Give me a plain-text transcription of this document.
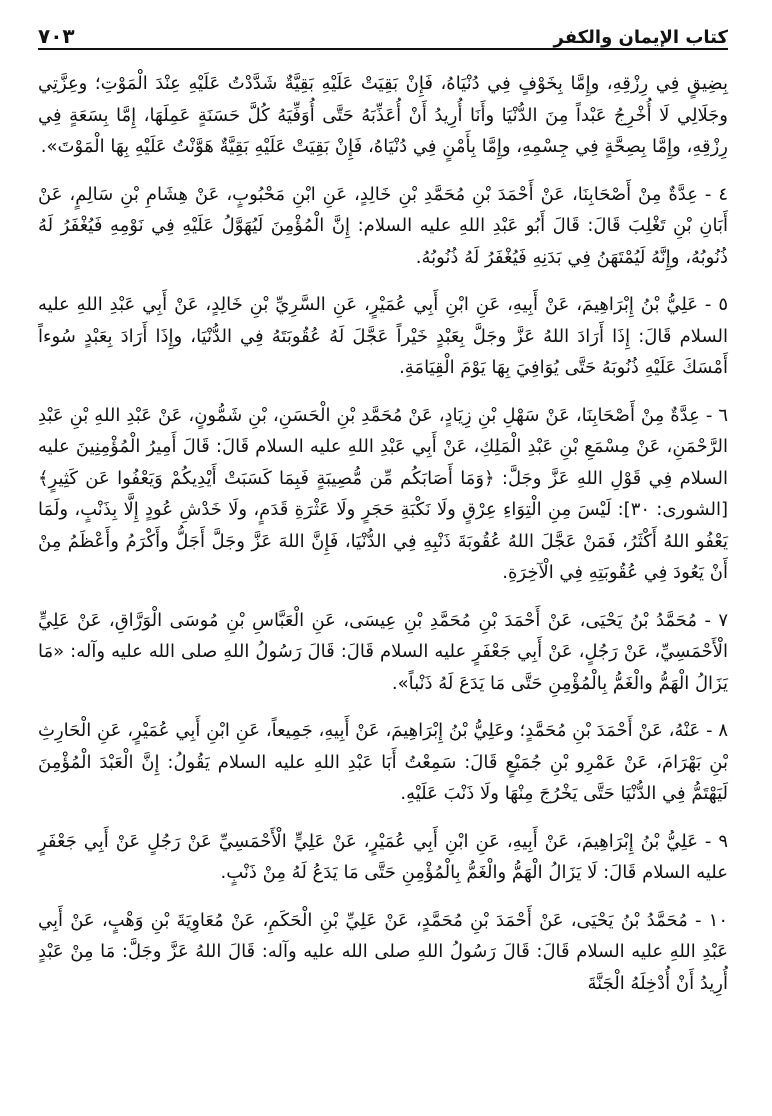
كتاب الإيمان والكفر
٧٠٣

بِضِيقٍ فِي رِزْقِهِ، وإِمَّا بِخَوْفٍ فِي دُنْيَاهُ، فَإِنْ بَقِيَتْ عَلَيْهِ بَقِيَّةٌ شَدَّدْتُ عَلَيْهِ عِنْدَ الْمَوْتِ؛ وعِزَّتِي وجَلَالِي لَا أُخْرِجُ عَبْداً مِنَ الدُّنْيَا وأَنَا أُرِيدُ أَنْ أُعَذِّبَهُ حَتَّى أُوَفِّيَهُ كُلَّ حَسَنَةٍ عَمِلَهَا، إِمَّا بِسَعَةٍ فِي رِزْقِهِ، وإِمَّا بِصِحَّةٍ فِي جِسْمِهِ، وإِمَّا بِأَمْنٍ فِي دُنْيَاهُ، فَإِنْ بَقِيَتْ عَلَيْهِ بَقِيَّةٌ هَوَّنْتُ عَلَيْهِ بِهَا الْمَوْتَ».

٤ - عِدَّةٌ مِنْ أَصْحَابِنَا، عَنْ أَحْمَدَ بْنِ مُحَمَّدِ بْنِ خَالِدٍ، عَنِ ابْنِ مَحْبُوبٍ، عَنْ هِشَامِ بْنِ سَالِمٍ، عَنْ أَبَانِ بْنِ تَغْلِبَ قَالَ: قَالَ أَبُو عَبْدِ اللهِ عليه السلام: إِنَّ الْمُؤْمِنَ لَيُهَوَّلُ عَلَيْهِ فِي نَوْمِهِ فَيُغْفَرُ لَهُ ذُنُوبُهُ، وإِنَّهُ لَيُمْتَهَنُ فِي بَدَنِهِ فَيُغْفَرُ لَهُ ذُنُوبُهُ.

٥ - عَلِيُّ بْنُ إِبْرَاهِيمَ، عَنْ أَبِيهِ، عَنِ ابْنِ أَبِي عُمَيْرٍ، عَنِ السَّرِيِّ بْنِ خَالِدٍ، عَنْ أَبِي عَبْدِ اللهِ عليه السلام قَالَ: إِذَا أَرَادَ اللهُ عَزَّ وجَلَّ بِعَبْدٍ خَيْراً عَجَّلَ لَهُ عُقُوبَتَهُ فِي الدُّنْيَا، وإِذَا أَرَادَ بِعَبْدٍ سُوءاً أَمْسَكَ عَلَيْهِ ذُنُوبَهُ حَتَّى يُوَافِيَ بِهَا يَوْمَ الْقِيَامَةِ.

٦ - عِدَّةٌ مِنْ أَصْحَابِنَا، عَنْ سَهْلِ بْنِ زِيَادٍ، عَنْ مُحَمَّدِ بْنِ الْحَسَنِ، بْنِ شَمُّونٍ، عَنْ عَبْدِ اللهِ بْنِ عَبْدِ الرَّحْمَنِ، عَنْ مِسْمَعِ بْنِ عَبْدِ الْمَلِكِ، عَنْ أَبِي عَبْدِ اللهِ عليه السلام قَالَ: قَالَ أَمِيرُ الْمُؤْمِنِينَ عليه السلام فِي قَوْلِ اللهِ عَزَّ وجَلَّ: ﴿وَمَا أَصَابَكُم مِّن مُّصِيبَةٍ فَبِمَا كَسَبَتْ أَيْدِيكُمْ وَيَعْفُوا عَن كَثِيرٍ﴾ [الشورى: ٣٠]: لَيْسَ مِنِ الْتِوَاءِ عِرْقٍ ولَا نَكْبَةِ حَجَرٍ ولَا عَثْرَةِ قَدَمٍ، ولَا خَدْشِ عُودٍ إِلَّا بِذَنْبٍ، ولَمَا يَعْفُو اللهُ أَكْثَرُ، فَمَنْ عَجَّلَ اللهُ عُقُوبَةَ ذَنْبِهِ فِي الدُّنْيَا، فَإِنَّ اللهَ عَزَّ وجَلَّ أَجَلُّ وأَكْرَمُ وأَعْظَمُ مِنْ أَنْ يَعُودَ فِي عُقُوبَتِهِ فِي الْآخِرَةِ.

٧ - مُحَمَّدُ بْنُ يَحْيَى، عَنْ أَحْمَدَ بْنِ مُحَمَّدِ بْنِ عِيسَى، عَنِ الْعَبَّاسِ بْنِ مُوسَى الْوَرَّاقِ، عَنْ عَلِيٍّ الْأَحْمَسِيِّ، عَنْ رَجُلٍ، عَنْ أَبِي جَعْفَرٍ عليه السلام قَالَ: قَالَ رَسُولُ اللهِ صلى الله عليه وآله: «مَا يَزَالُ الْهَمُّ والْغَمُّ بِالْمُؤْمِنِ حَتَّى مَا يَدَعَ لَهُ ذَنْباً».

٨ - عَنْهُ، عَنْ أَحْمَدَ بْنِ مُحَمَّدٍ؛ وعَلِيُّ بْنُ إِبْرَاهِيمَ، عَنْ أَبِيهِ، جَمِيعاً، عَنِ ابْنِ أَبِي عُمَيْرٍ، عَنِ الْحَارِثِ بْنِ بَهْرَامَ، عَنْ عَمْرِو بْنِ جُمَيْعٍ قَالَ: سَمِعْتُ أَبَا عَبْدِ اللهِ عليه السلام يَقُولُ: إِنَّ الْعَبْدَ الْمُؤْمِنَ لَيَهْتَمُّ فِي الدُّنْيَا حَتَّى يَخْرُجَ مِنْهَا ولَا ذَنْبَ عَلَيْهِ.

٩ - عَلِيُّ بْنُ إِبْرَاهِيمَ، عَنْ أَبِيهِ، عَنِ ابْنِ أَبِي عُمَيْرٍ، عَنْ عَلِيٍّ الْأَحْمَسِيِّ عَنْ رَجُلٍ عَنْ أَبِي جَعْفَرٍ عليه السلام قَالَ: لَا يَزَالُ الْهَمُّ والْغَمُّ بِالْمُؤْمِنِ حَتَّى مَا يَدَعُ لَهُ مِنْ ذَنْبٍ.

١٠ - مُحَمَّدُ بْنُ يَحْيَى، عَنْ أَحْمَدَ بْنِ مُحَمَّدٍ، عَنْ عَلِيِّ بْنِ الْحَكَمِ، عَنْ مُعَاوِيَةَ بْنِ وَهْبٍ، عَنْ أَبِي عَبْدِ اللهِ عليه السلام قَالَ: قَالَ رَسُولُ اللهِ صلى الله عليه وآله: قَالَ اللهُ عَزَّ وجَلَّ: مَا مِنْ عَبْدٍ أُرِيدُ أَنْ أُدْخِلَهُ الْجَنَّةَ
